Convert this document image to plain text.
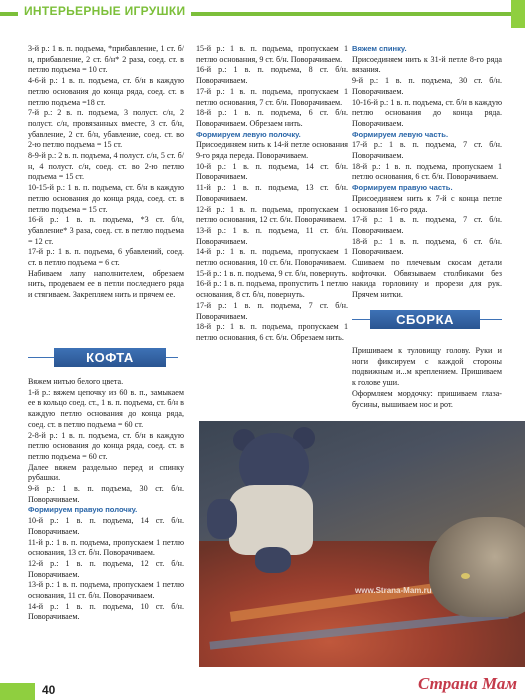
ИНТЕРЬЕРНЫЕ ИГРУШКИ

3-й р.: 1 в. п. подъема, *прибавление, 1 ст. б/н, прибавление, 2 ст. б/н* 2 раза, соед. ст. в петлю подъема = 10 ст.

4-6-й р.: 1 в. п. подъема, ст. б/н в каждую петлю основания до конца ряда, соед. ст. в петлю подъема =18 ст.

7-й р.: 2 в. п. подъема, 3 полуст. с/н, 2 полуст. с/н, провязанных вместе, 3 ст. б/н, убавление, 2 ст. б/н, убавление, соед. ст. во 2-ю петлю подъема = 15 ст.

8-9-й р.: 2 в. п. подъема, 4 полуст. с/н, 5 ст. б/н, 4 полуст. с/н, соед. ст. во 2-ю петлю подъема = 15 ст.

10-15-й р.: 1 в. п. подъема, ст. б/н в каждую петлю основания до конца ряда, соед. ст. в петлю подъема = 15 ст.

16-й р.: 1 в. п. подъема, *3 ст. б/н, убавление* 3 раза, соед. ст. в петлю подъема = 12 ст.

17-й р.: 1 в. п. подъема, 6 убавлений, соед. ст. в петлю подъема = 6 ст.

Набиваем лапу наполнителем, обрезаем нить, продеваем ее в петли последнего ряда и стягиваем. Закрепляем нить и прячем ее.

КОФТА

Вяжем нитью белого цвета.

1-й р.: вяжем цепочку из 60 в. п., замыкаем ее в кольцо соед. ст., 1 в. п. подъема, ст. б/н в каждую петлю основания до конца ряда, соед. ст. в петлю подъема = 60 ст.

2-8-й р.: 1 в. п. подъема, ст. б/н в каждую петлю основания до конца ряда, соед. ст. в петлю подъема = 60 ст.

Далее вяжем раздельно перед и спинку рубашки.

9-й р.: 1 в. п. подъема, 30 ст. б/н. Поворачиваем.

Формируем правую полочку.

10-й р.: 1 в. п. подъема, 14 ст. б/н. Поворачиваем.

11-й р.: 1 в. п. подъема, пропускаем 1 петлю основания, 13 ст. б/н. Поворачиваем.

12-й р.: 1 в. п. подъема, 12 ст. б/н. Поворачиваем.

13-й р.: 1 в. п. подъема, пропускаем 1 петлю основания, 11 ст. б/н. Поворачиваем.

14-й р.: 1 в. п. подъема, 10 ст. б/н. Поворачиваем.

15-й р.: 1 в. п. подъема, пропускаем 1 петлю основания, 9 ст. б/н. Поворачиваем.

16-й р.: 1 в. п. подъема, 8 ст. б/н. Поворачиваем.

17-й р.: 1 в. п. подъема, пропускаем 1 петлю основания, 7 ст. б/н. Поворачиваем.

18-й р.: 1 в. п. подъема, 6 ст. б/н. Поворачиваем. Обрезаем нить.

Формируем левую полочку.

Присоединяем нить к 14-й петле основания 9-го ряда переда. Поворачиваем.

10-й р.: 1 в. п. подъема, 14 ст. б/н. Поворачиваем.

11-й р.: 1 в. п. подъема, 13 ст. б/н. Поворачиваем.

12-й р.: 1 в. п. подъема, пропускаем 1 петлю основания, 12 ст. б/н. Поворачиваем.

13-й р.: 1 в. п. подъема, 11 ст. б/н. Поворачиваем.

14-й р.: 1 в. п. подъема, пропускаем 1 петлю основания, 10 ст. б/н. Поворачиваем.

15-й р.: 1 в. п. подъема, 9 ст. б/н, повернуть.

16-й р.: 1 в. п. подъема, пропустить 1 петлю основания, 8 ст. б/н, повернуть.

17-й р.: 1 в. п. подъема, 7 ст. б/н. Поворачиваем.

18-й р.: 1 в. п. подъема, пропускаем 1 петлю основания, 6 ст. б/н. Обрезаем нить.

Вяжем спинку.

Присоединяем нить к 31-й петле 8-го ряда вязания.

9-й р.: 1 в. п. подъема, 30 ст. б/н. Поворачиваем.

10-16-й р.: 1 в. п. подъема, ст. б/н в каждую петлю основания до конца ряда. Поворачиваем.

Формируем левую часть.

17-й р.: 1 в. п. подъема, 7 ст. б/н. Поворачиваем.

18-й р.: 1 в. п. подъема, пропускаем 1 петлю основания, 6 ст. б/н. Поворачиваем.

Формируем правую часть.

Присоединяем нить к 7-й с конца петле основания 16-го ряда.

17-й р.: 1 в. п. подъема, 7 ст. б/н. Поворачиваем.

18-й р.: 1 в. п. подъема, 6 ст. б/н. Поворачиваем.

Сшиваем по плечевым скосам детали кофточки. Обвязываем столбиками без накида горловину и прорези для рук. Прячем нитки.

СБОРКА

Пришиваем к туловищу голову. Руки и ноги фиксируем с каждой стороны подвижным и...м креплением. Пришиваем к голове уши.

Оформляем мордочку: пришиваем глаза-бусины, вышиваем нос и рот.

www.Strana-Mam.ru
40	Страна Мам
